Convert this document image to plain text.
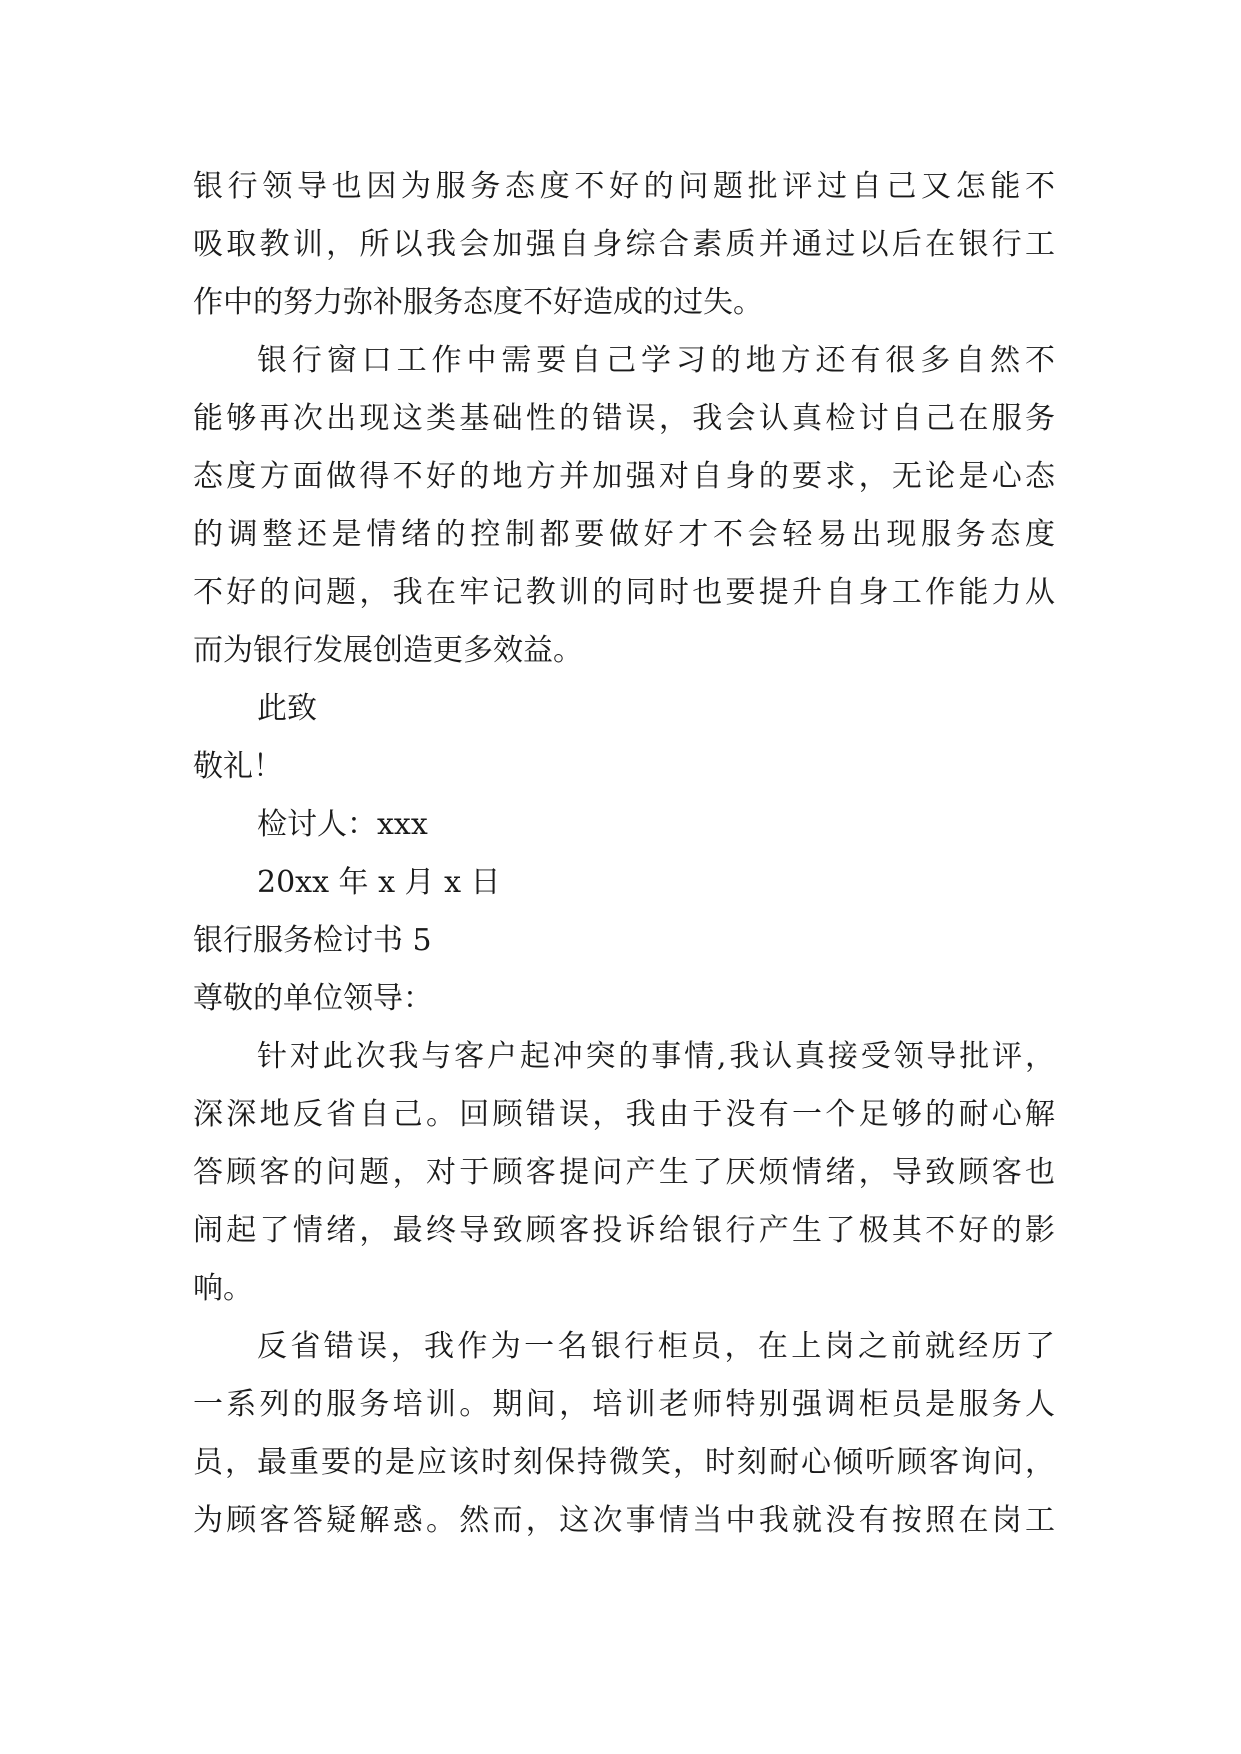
银行领导也因为服务态度不好的问题批评过自己又怎能不
吸取教训，所以我会加强自身综合素质并通过以后在银行工
作中的努力弥补服务态度不好造成的过失。
银行窗口工作中需要自己学习的地方还有很多自然不
能够再次出现这类基础性的错误，我会认真检讨自己在服务
态度方面做得不好的地方并加强对自身的要求，无论是心态
的调整还是情绪的控制都要做好才不会轻易出现服务态度
不好的问题，我在牢记教训的同时也要提升自身工作能力从
而为银行发展创造更多效益。
此致
敬礼！
检讨人：xxx
20xx 年 x 月 x 日
银行服务检讨书 5
尊敬的单位领导：
针对此次我与客户起冲突的事情,我认真接受领导批评，
深深地反省自己。回顾错误，我由于没有一个足够的耐心解
答顾客的问题，对于顾客提问产生了厌烦情绪，导致顾客也
闹起了情绪，最终导致顾客投诉给银行产生了极其不好的影
响。
反省错误，我作为一名银行柜员，在上岗之前就经历了
一系列的服务培训。期间，培训老师特别强调柜员是服务人
员，最重要的是应该时刻保持微笑，时刻耐心倾听顾客询问，
为顾客答疑解惑。然而，这次事情当中我就没有按照在岗工
